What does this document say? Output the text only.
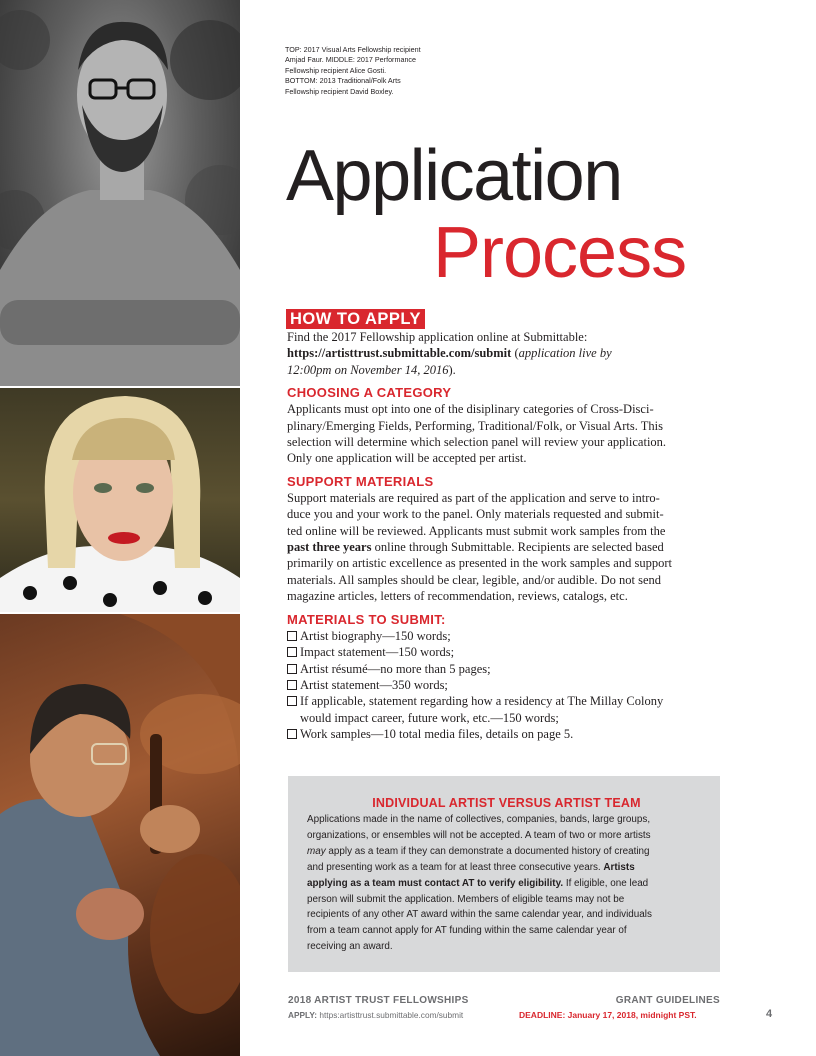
TOP: 2017 Visual Arts Fellowship recipient
Amjad Faur. MIDDLE: 2017 Performance
Fellowship recipient Alice Gosti.
BOTTOM: 2013 Traditional/Folk Arts
Fellowship recipient David Boxley.
Application
Process
HOW TO APPLY

Find the 2017 Fellowship application online at Submittable:
https://artisttrust.submittable.com/submit (application live by
12:00pm on November 14, 2016).

CHOOSING A CATEGORY

Applicants must opt into one of the disiplinary categories of Cross-Disci-
plinary/Emerging Fields, Performing, Traditional/Folk, or Visual Arts. This
selection will determine which selection panel will review your application.
Only one application will be accepted per artist.

SUPPORT MATERIALS

Support materials are required as part of the application and serve to intro-
duce you and your work to the panel. Only materials requested and submit-
ted online will be reviewed. Applicants must submit work samples from the
past three years online through Submittable. Recipients are selected based
primarily on artistic excellence as presented in the work samples and support
materials. All samples should be clear, legible, and/or audible. Do not send
magazine articles, letters of recommendation, reviews, catalogs, etc.

MATERIALS TO SUBMIT:
Artist biography—150 words;
Impact statement—150 words;
Artist résumé—no more than 5 pages;
Artist statement—350 words;
If applicable, statement regarding how a residency at The Millay Colony
would impact career, future work, etc.—150 words;
Work samples—10 total media files, details on page 5.
INDIVIDUAL ARTIST VERSUS ARTIST TEAM

Applications made in the name of collectives, companies, bands, large groups,
organizations, or ensembles will not be accepted. A team of two or more artists
may apply as a team if they can demonstrate a documented history of creating
and presenting work as a team for at least three consecutive years. Artists
applying as a team must contact AT to verify eligibility. If eligible, one lead
person will submit the application. Members of eligible teams may not be
recipients of any other AT award within the same calendar year, and individuals
from a team cannot apply for AT funding within the same calendar year of
receiving an award.

2018 ARTIST TRUST FELLOWSHIPS
APPLY: https:artisttrust.submittable.com/submit
GRANT GUIDELINES
DEADLINE: January 17, 2018, midnight PST.	4
